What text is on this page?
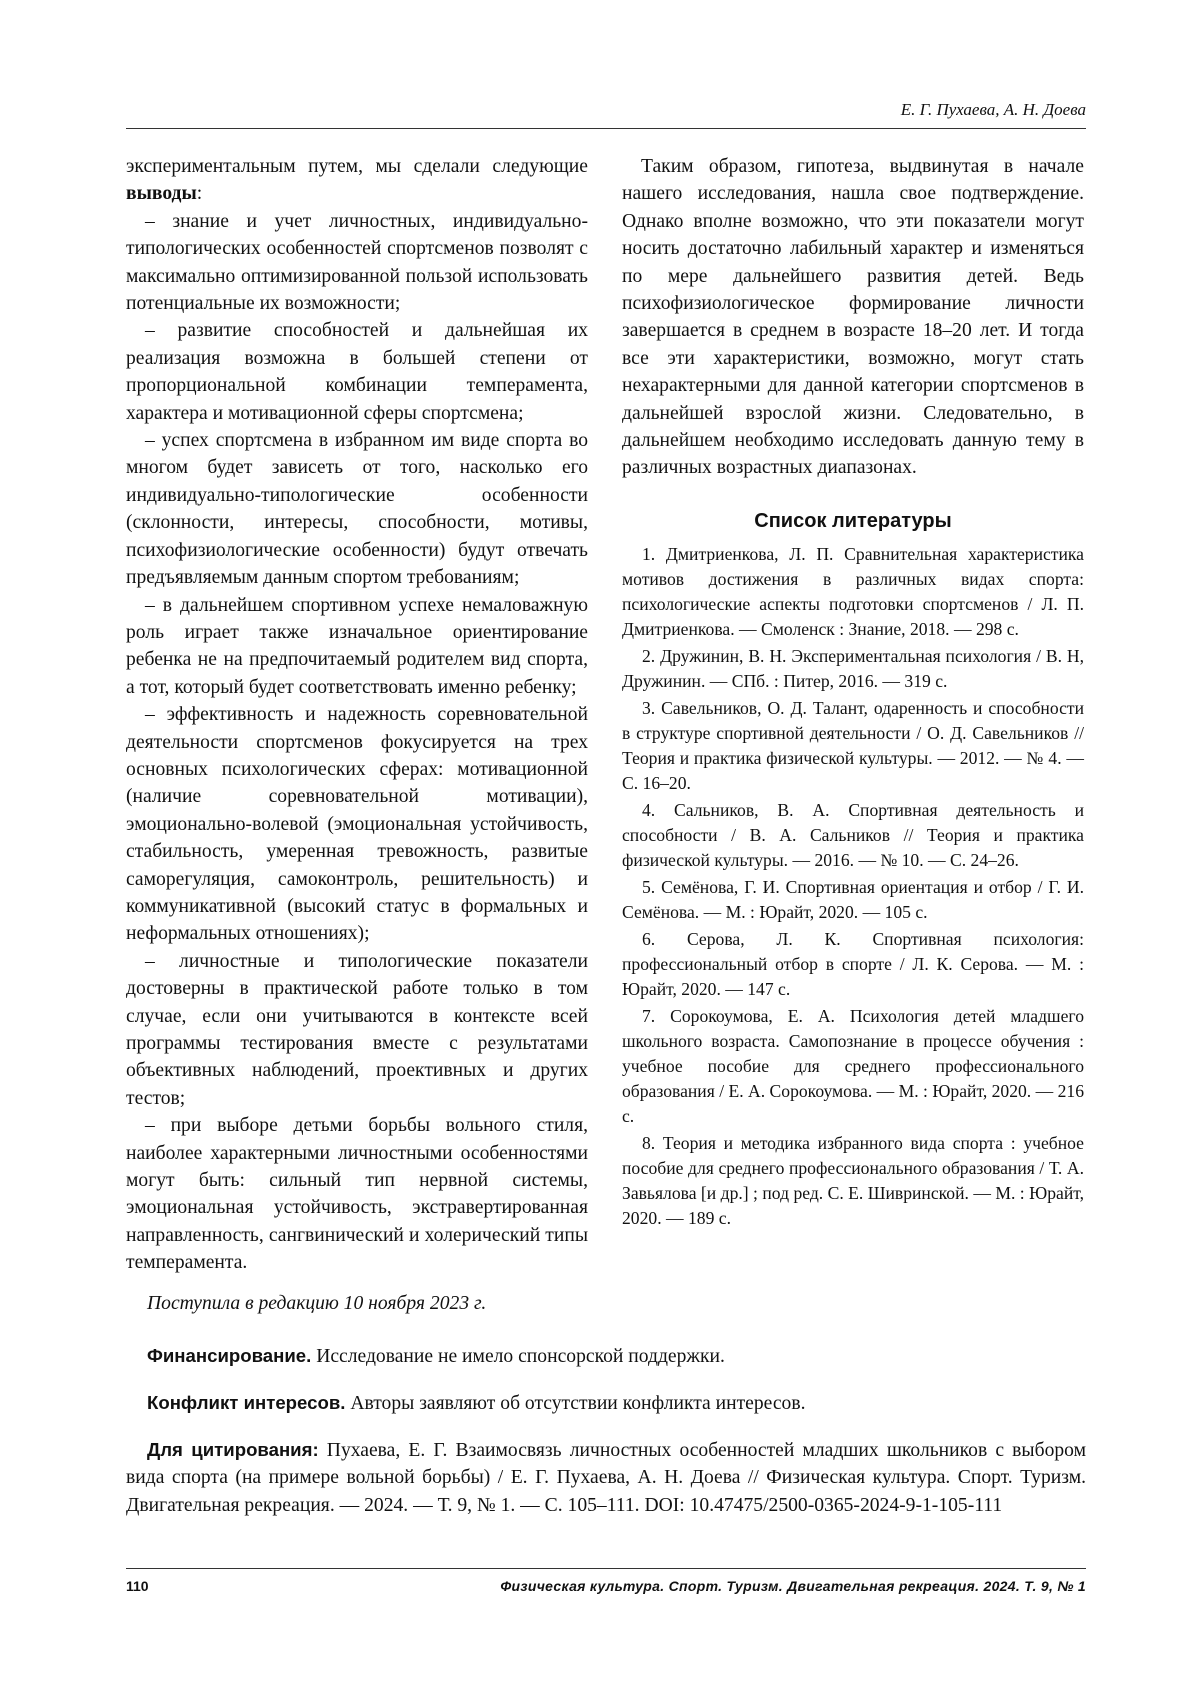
Е. Г. Пухаева, А. Н. Доева

экспериментальным путем, мы сделали следующие выводы:

– знание и учет личностных, индивидуально-типологических особенностей спортсменов позволят с максимально оптимизированной пользой использовать потенциальные их возможности;

– развитие способностей и дальнейшая их реализация возможна в большей степени от пропорциональной комбинации темперамента, характера и мотивационной сферы спортсмена;

– успех спортсмена в избранном им виде спорта во многом будет зависеть от того, насколько его индивидуально-типологические особенности (склонности, интересы, способности, мотивы, психофизиологические особенности) будут отвечать предъявляемым данным спортом требованиям;

– в дальнейшем спортивном успехе немаловажную роль играет также изначальное ориентирование ребенка не на предпочитаемый родителем вид спорта, а тот, который будет соответствовать именно ребенку;

– эффективность и надежность соревновательной деятельности спортсменов фокусируется на трех основных психологических сферах: мотивационной (наличие соревновательной мотивации), эмоционально-волевой (эмоциональная устойчивость, стабильность, умеренная тревожность, развитые саморегуляция, самоконтроль, решительность) и коммуникативной (высокий статус в формальных и неформальных отношениях);

– личностные и типологические показатели достоверны в практической работе только в том случае, если они учитываются в контексте всей программы тестирования вместе с результатами объективных наблюдений, проективных и других тестов;

– при выборе детьми борьбы вольного стиля, наиболее характерными личностными особенностями могут быть: сильный тип нервной системы, эмоциональная устойчивость, экстравертированная направленность, сангвинический и холерический типы темперамента.

Таким образом, гипотеза, выдвинутая в начале нашего исследования, нашла свое подтверждение. Однако вполне возможно, что эти показатели могут носить достаточно лабильный характер и изменяться по мере дальнейшего развития детей. Ведь психофизиологическое формирование личности завершается в среднем в возрасте 18–20 лет. И тогда все эти характеристики, возможно, могут стать нехарактерными для данной категории спортсменов в дальнейшей взрослой жизни. Следовательно, в дальнейшем необходимо исследовать данную тему в различных возрастных диапазонах.

Список литературы

1. Дмитриенкова, Л. П. Сравнительная характеристика мотивов достижения в различных видах спорта: психологические аспекты подготовки спортсменов / Л. П. Дмитриенкова. — Смоленск : Знание, 2018. — 298 с.

2. Дружинин, В. Н. Экспериментальная психология / В. Н, Дружинин. — СПб. : Питер, 2016. — 319 с.

3. Савельников, О. Д. Талант, одаренность и способности в структуре спортивной деятельности / О. Д. Савельников // Теория и практика физической культуры. — 2012. — № 4. — С. 16–20.

4. Сальников, В. А. Спортивная деятельность и способности / В. А. Сальников // Теория и практика физической культуры. — 2016. — № 10. — С. 24–26.

5. Семёнова, Г. И. Спортивная ориентация и отбор / Г. И. Семёнова. — М. : Юрайт, 2020. — 105 с.

6. Серова, Л. К. Спортивная психология: профессиональный отбор в спорте / Л. К. Серова. — М. : Юрайт, 2020. — 147 с.

7. Сорокоумова, Е. А. Психология детей младшего школьного возраста. Самопознание в процессе обучения : учебное пособие для среднего профессионального образования / Е. А. Сорокоумова. — М. : Юрайт, 2020. — 216 с.

8. Теория и методика избранного вида спорта : учебное пособие для среднего профессионального образования / Т. А. Завьялова [и др.] ; под ред. С. Е. Шивринской. — М. : Юрайт, 2020. — 189 с.

Поступила в редакцию 10 ноября 2023 г.
Финансирование. Исследование не имело спонсорской поддержки.
Конфликт интересов. Авторы заявляют об отсутствии конфликта интересов.
Для цитирования: Пухаева, Е. Г. Взаимосвязь личностных особенностей младших школьников с выбором вида спорта (на примере вольной борьбы) / Е. Г. Пухаева, А. Н. Доева // Физическая культура. Спорт. Туризм. Двигательная рекреация. — 2024. — Т. 9, № 1. — С. 105–111. DOI: 10.47475/2500-0365-2024-9-1-105-111
110	Физическая культура. Спорт. Туризм. Двигательная рекреация. 2024. Т. 9, № 1
